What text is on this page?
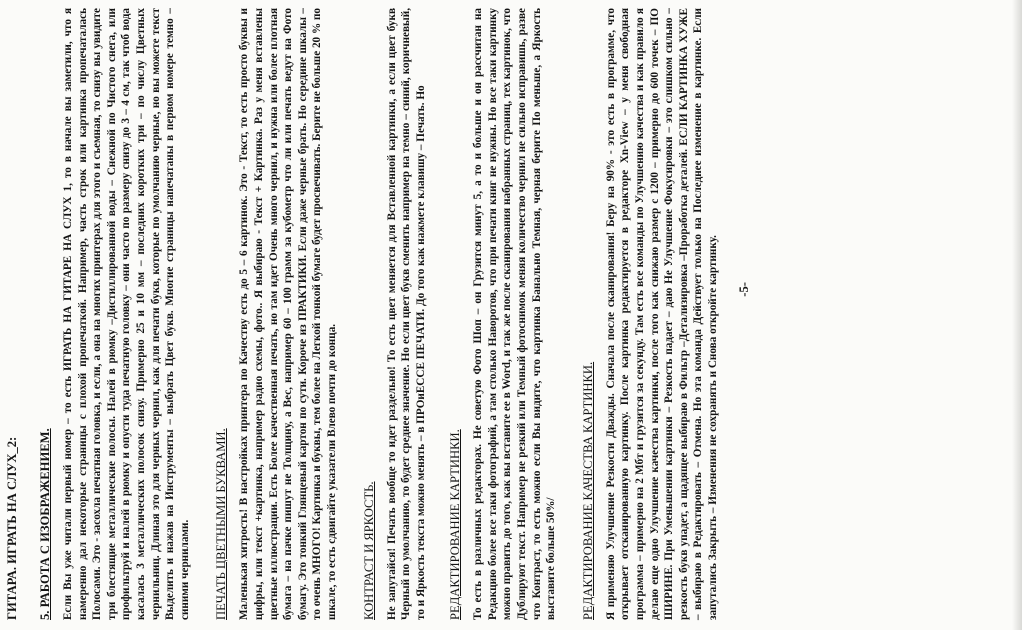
ГИТАРА. ИГРАТЬ НА СЛУХ_2: 5. РАБОТА С ИЗОБРАЖЕНИЕМ. Если Вы уже читали первый номер – то есть ИГРАТЬ НА ГИТАРЕ НА СЛУХ 1, то в начале вы заметили, что я намеренно дал некоторые страницы с плохой пропечаткой. Например, часть строк или картинка пропечаталась Полосами. Это - засохла печатная головка, и если, а она на многих принтерах для этого и съемная, то снизу вы увидите три блестящие металлические полосы. Налей в рюмку –Дистиллированной воды – Снежной по Чистого снега, или профильтруй и налей в рюмку и опусти туда печатную головку – они часто по размеру снизу до 3 – 4 см, так чтоб вода касалась 3 металлических полосок снизу. Примерно 25 и 10 мм – последних коротких три – по числу Цветных чернильниц. Длиная это для черных чернил, как для печати букв, которые по умолчанию черные, но вы можете текст Выделить и нажав на Инструменты – выбрать Цвет букв. Многие страницы напечатаны в первом номере темно – синими чернилами. ПЕЧАТЬ ЦВЕТНЫМИ БУКВАМИ. Маленькая хитрость! В настройках принтера по Качеству есть до 5 – 6 картинок. Это - Текст, то есть просто буквы и цифры, или текст +картинка, например радио схемы, фото.. Я выбираю - Текст + Картинка. Раз у меня вставлены цветные иллюстрации. Есть Более качественная печать, но там идет Очень много чернил, и нужна или более плотная бумага – на пачке пишут не Толщину, а Вес, например 60 – 100 грамм за кубометр что ли или печать ведут на Фото бумагу. Это тонкий Глянцевый картон по сути. Короче из ПРАКТИКИ. Если даже черные брать. Но середине шкалы – то очень МНОГО! Картинка и буквы, тем более на Легкой тонкой бумаге будет просвечивать. Берите не больше 20 % по шкале, то есть сдвигайте указатели Влево почти до конца. КОНТРАСТ И ЯРКОСТЬ. Не запутайся! Печать вообще то идет раздельно! То есть цвет меняется для Вставленной картинки, а если цвет букв Черный по умолчанию, то будет среднее значение. Но если цвет букв сменить например на темно – синий, коричневый, то и Яркость текста можно менять – в ПРОиЕССЕ ПЕЧАТИ. До того как нажмете клавишу – Печать. Но РЕДАКТИРОВАНИЕ КАРТИНКИ. То есть в различных редакторах. Не советую Фото Шоп – он Грузится минут 5, а то и больше и он рассчитан на Редакцию более все таки фотографий, а там столько Наворотов, что при печати книг не нужны. Но все таки картинку можно править до того, как вы вставите ее в Word, и так же после сканирования набранных страниц, тех картинок, что Дублируют текст. Например не резкий или Темный фотоснимок меняя количество чернил не сильно исправишь, разве что Контраст, то есть можно если Вы видите, что картинка Банально Темная, черная берите По меньше, а Яркость выставите больше 50%/ РЕДАКТИРОВАНИЕ КАЧЕСТВА КАРТИНКИ. Я применяю Улучшение Резкости Дважды. Сначала после сканирования! Беру на 90% - это есть в программе, что открывает отсканированную картинку. После картинка редактируется в редакторе Xn-View – у меня свободная программа – примерно на 2 Мбт и грузится за секунду. Там есть все команды по Улучшению качества и как правило я делаю еще одно Улучшение качества картинки, после того как снижаю размер с 1200 – примерно до 600 точек – ПО ШИРИНЕ. При Уменьшении картинки – Резкость падает – даю Не Улучшение Фокусировки – это слишком сильно – резкость букв упадет, а щадящее выбираю в Фильтр –Детализировка –Проработка деталей. ЕСЛИ КАРТИНКА ХУЖЕ – выбираю в Редактировать – Отмена. Но эта команда Действует только на Последнее изменение в картинке. Если запутались Закрыть – Изменения не сохранять и Снова откройте картинку. -5-
